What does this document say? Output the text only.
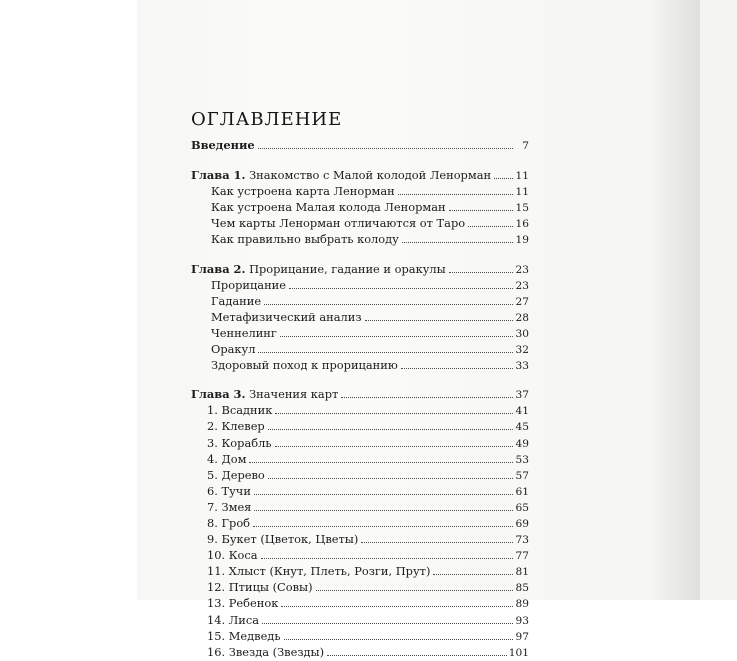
ОГЛАВЛЕНИЕ
Введение	7
Глава 1. Знакомство с Малой колодой Ленорман 11
Как устроена карта Ленорман	11
Как устроена Малая колода Ленорман	15
Чем карты Ленорман отличаются от Таро	16
Как правильно выбрать колоду	19
Глава 2. Прорицание, гадание и оракулы	23
Прорицание	23
Гадание	27
Метафизический анализ	28
Ченнелинг	30
Оракул	32
Здоровый поход к прорицанию	33
Глава 3. Значения карт	37
1. Всадник	41
2. Клевер	45
3. Корабль	49
4. Дом	53
5. Дерево	57
6. Тучи	61
7. Змея	65
8. Гроб	69
9. Букет (Цветок, Цветы)	73
10. Коса	77
11. Хлыст (Кнут, Плеть, Розги, Прут)	81
12. Птицы (Совы)	85
13. Ребенок	89
14. Лиса	93
15. Медведь	97
16. Звезда (Звезды)	101
